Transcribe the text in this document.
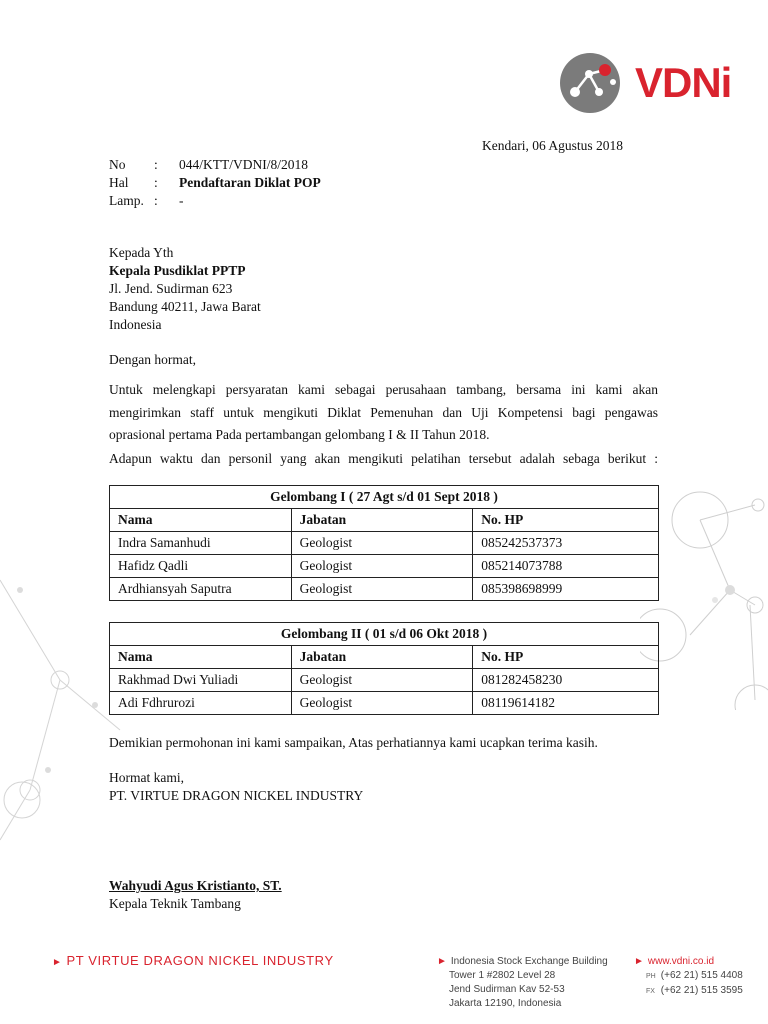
VDNi
Kendari, 06 Agustus 2018
No	: 044/KTT/VDNI/8/2018
Hal	: Pendaftaran Diklat POP
Lamp. : -
Kepada Yth
Kepala Pusdiklat PPTP
Jl. Jend. Sudirman 623
Bandung 40211, Jawa Barat
Indonesia
Dengan hormat,
Untuk melengkapi persyaratan kami sebagai perusahaan tambang, bersama ini kami akan mengirimkan staff untuk mengikuti Diklat Pemenuhan dan Uji Kompetensi bagi pengawas oprasional pertama Pada pertambangan gelombang I & II Tahun 2018.
Adapun waktu dan personil yang akan mengikuti pelatihan tersebut adalah sebaga berikut :
Gelombang I ( 27 Agt s/d 01 Sept 2018 )		
Nama	Jabatan	No. HP
Indra Samanhudi	Geologist	085242537373
Hafidz Qadli	Geologist	085214073788
Ardhiansyah Saputra	Geologist	085398698999
Gelombang II ( 01 s/d 06 Okt 2018 )		
Nama	Jabatan	No. HP
Rakhmad Dwi Yuliadi	Geologist	081282458230
Adi Fdhrurozi	Geologist	08119614182
Demikian permohonan ini kami sampaikan, Atas perhatiannya kami ucapkan terima kasih.
Hormat kami,
PT. VIRTUE DRAGON NICKEL INDUSTRY
Wahyudi Agus Kristianto, ST.
Kepala Teknik Tambang
► PT VIRTUE DRAGON NICKEL INDUSTRY	► Indonesia Stock Exchange Building
Tower 1 #2802 Level 28
Jend Sudirman Kav 52-53
Jakarta 12190, Indonesia
► www.vdni.co.id
PH (+62 21) 515 4408
FX (+62 21) 515 3595
